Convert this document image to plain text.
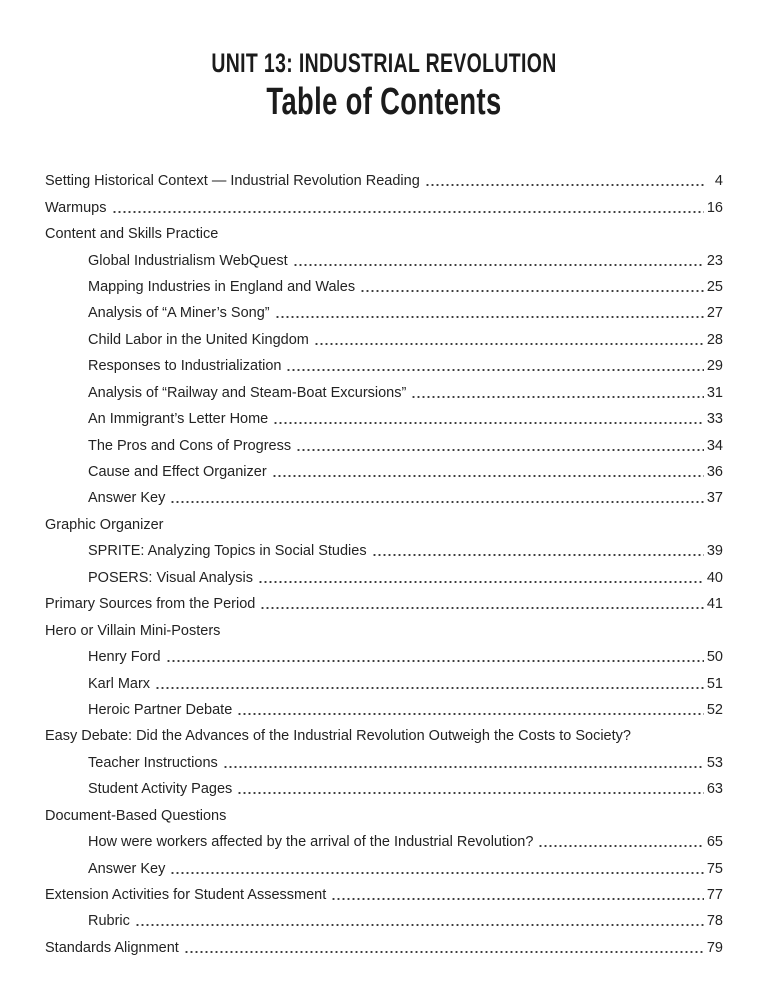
UNIT 13: INDUSTRIAL REVOLUTION
Table of Contents
Setting Historical Context — Industrial Revolution Reading	4
Warmups	16
Content and Skills Practice
Global Industrialism WebQuest	23
Mapping Industries in England and Wales	25
Analysis of “A Miner’s Song”	27
Child Labor in the United Kingdom	28
Responses to Industrialization	29
Analysis of “Railway and Steam-Boat Excursions”	31
An Immigrant’s Letter Home	33
The Pros and Cons of Progress	34
Cause and Effect Organizer	36
Answer Key	37
Graphic Organizer
SPRITE: Analyzing Topics in Social Studies	39
POSERS: Visual Analysis	40
Primary Sources from the Period	41
Hero or Villain Mini-Posters
Henry Ford	50
Karl Marx	51
Heroic Partner Debate	52
Easy Debate: Did the Advances of the Industrial Revolution Outweigh the Costs to Society?
Teacher Instructions	53
Student Activity Pages	63
Document-Based Questions
How were workers affected by the arrival of the Industrial Revolution?	65
Answer Key	75
Extension Activities for Student Assessment	77
Rubric	78
Standards Alignment	79
